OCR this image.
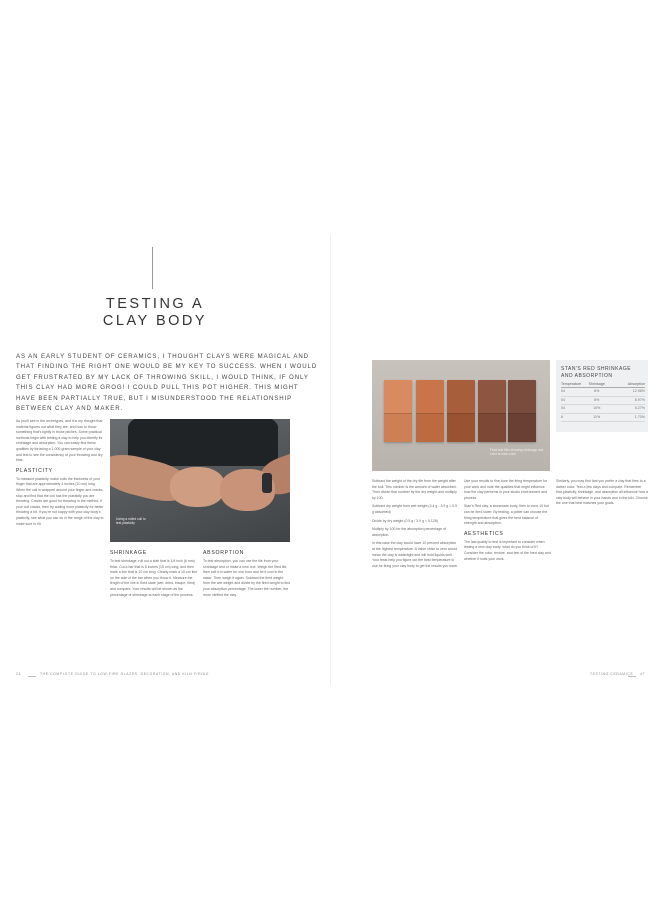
TESTING A
CLAY BODY
AS AN EARLY STUDENT OF CERAMICS, I THOUGHT CLAYS WERE MAGICAL AND THAT FINDING THE RIGHT ONE WOULD BE MY KEY TO SUCCESS. WHEN I WOULD GET FRUSTRATED BY MY LACK OF THROWING SKILL, I WOULD THINK, IF ONLY THIS CLAY HAD MORE GROG! I COULD PULL THIS POT HIGHER. THIS MIGHT HAVE BEEN PARTIALLY TRUE, BUT I MISUNDERSTOOD THE RELATIONSHIP BETWEEN CLAY AND MAKER.

As you'll see in the archetypes, and it is my thought that material figures out what they are, and how to throw something that's lightly in those pitches. Some practical methods begin with testing a clay to help you identify its shrinkage and absorption. You can easily find these qualities by throwing a 1,000-gram sample of your clay and test to see the consistency of your throwing and dry time.

PLASTICITY

To measure plasticity, make coils the thickness of your finger that are approximately 4 inches (10 cm) long. When the coil is wrapped around your finger and cracks, stop and find that the coil has the plasticity you are throwing. Cracks are good for throwing in the method. If your coil cracks, then try adding more plasticity for better throwing a bit. If you're not happy with your clay body's plasticity, see what you can do in the range of the clay to make sure to fill.

Using a rolled coil to test plasticity
SHRINKAGE

To test shrinkage, roll out a slab that is 1/4 inch (6 mm) thick. Cut a bar that is 6 inches (15 cm) long, and then mark a line that is 10 cm long. Clearly mark a 10-cm line on the side of the bar when you throw it. Measure the length of the line in fired state (wet, dried, bisque, fired) and compare. Your results will be shown as the percentage of shrinkage at each stage of the process.

ABSORPTION

To test absorption, you can use the tile from your shrinkage test or make a new one. Weigh the fired tile, then boil it in water for one hour and let it cool in the water. Then weigh it again. Subtract the fired weight from the wet weight and divide by the fired weight to find your absorption percentage. The lower the number, the more vitrified the clay.

Fired test tiles showing shrinkage and color at each cone
STAN'S RED SHRINKAGE
AND ABSORPTION
Temperature	Shrinkage	Absorption
04	6%	12.96%
04	8%	8.97%
04	10%	5.27%
6	11%	1.70%

Subtract the weight of the dry tile from the weight after the boil. This number is the amount of water absorbed. Then divide that number by the dry weight and multiply by 100.

Subtract dry weight from wet weight (4.4 g - 3.9 g = 0.5 g absorbed)

Divide by dry weight (0.5 g / 3.9 g = 0.128)

Multiply by 100 for the absorption percentage of absorption.

In this case the clay would have 10 percent absorption at the highest temperature. A value close to zero would mean the clay is watertight and will hold liquids well. Your tests help you figure out the best temperature to use for firing your clay body to get the results you want.

Use your results to fine-tune the firing temperature for your work and note the qualities that might influence how the clay performs in your studio environment and process.

Stan's Red clay, a stoneware body, fires to cone 10 but can be fired lower. By testing, a potter can choose the firing temperature that gives the best balance of strength and absorption.

AESTHETICS

The last quality to test is important to consider when testing a new clay body: what do you think of it? Consider the color, texture, and feel of the fired clay and whether it suits your work.

Similarly, you may find that you prefer a clay that fires to a darker color. Test a few clays and compare. Remember that plasticity, shrinkage, and absorption all influence how a clay body will behave in your hands and in the kiln. Choose the one that best matches your goals.

24	THE COMPLETE GUIDE TO LOW-FIRE GLAZES, DECORATION, AND KILN FIRING	TESTING CERAMICS 47
